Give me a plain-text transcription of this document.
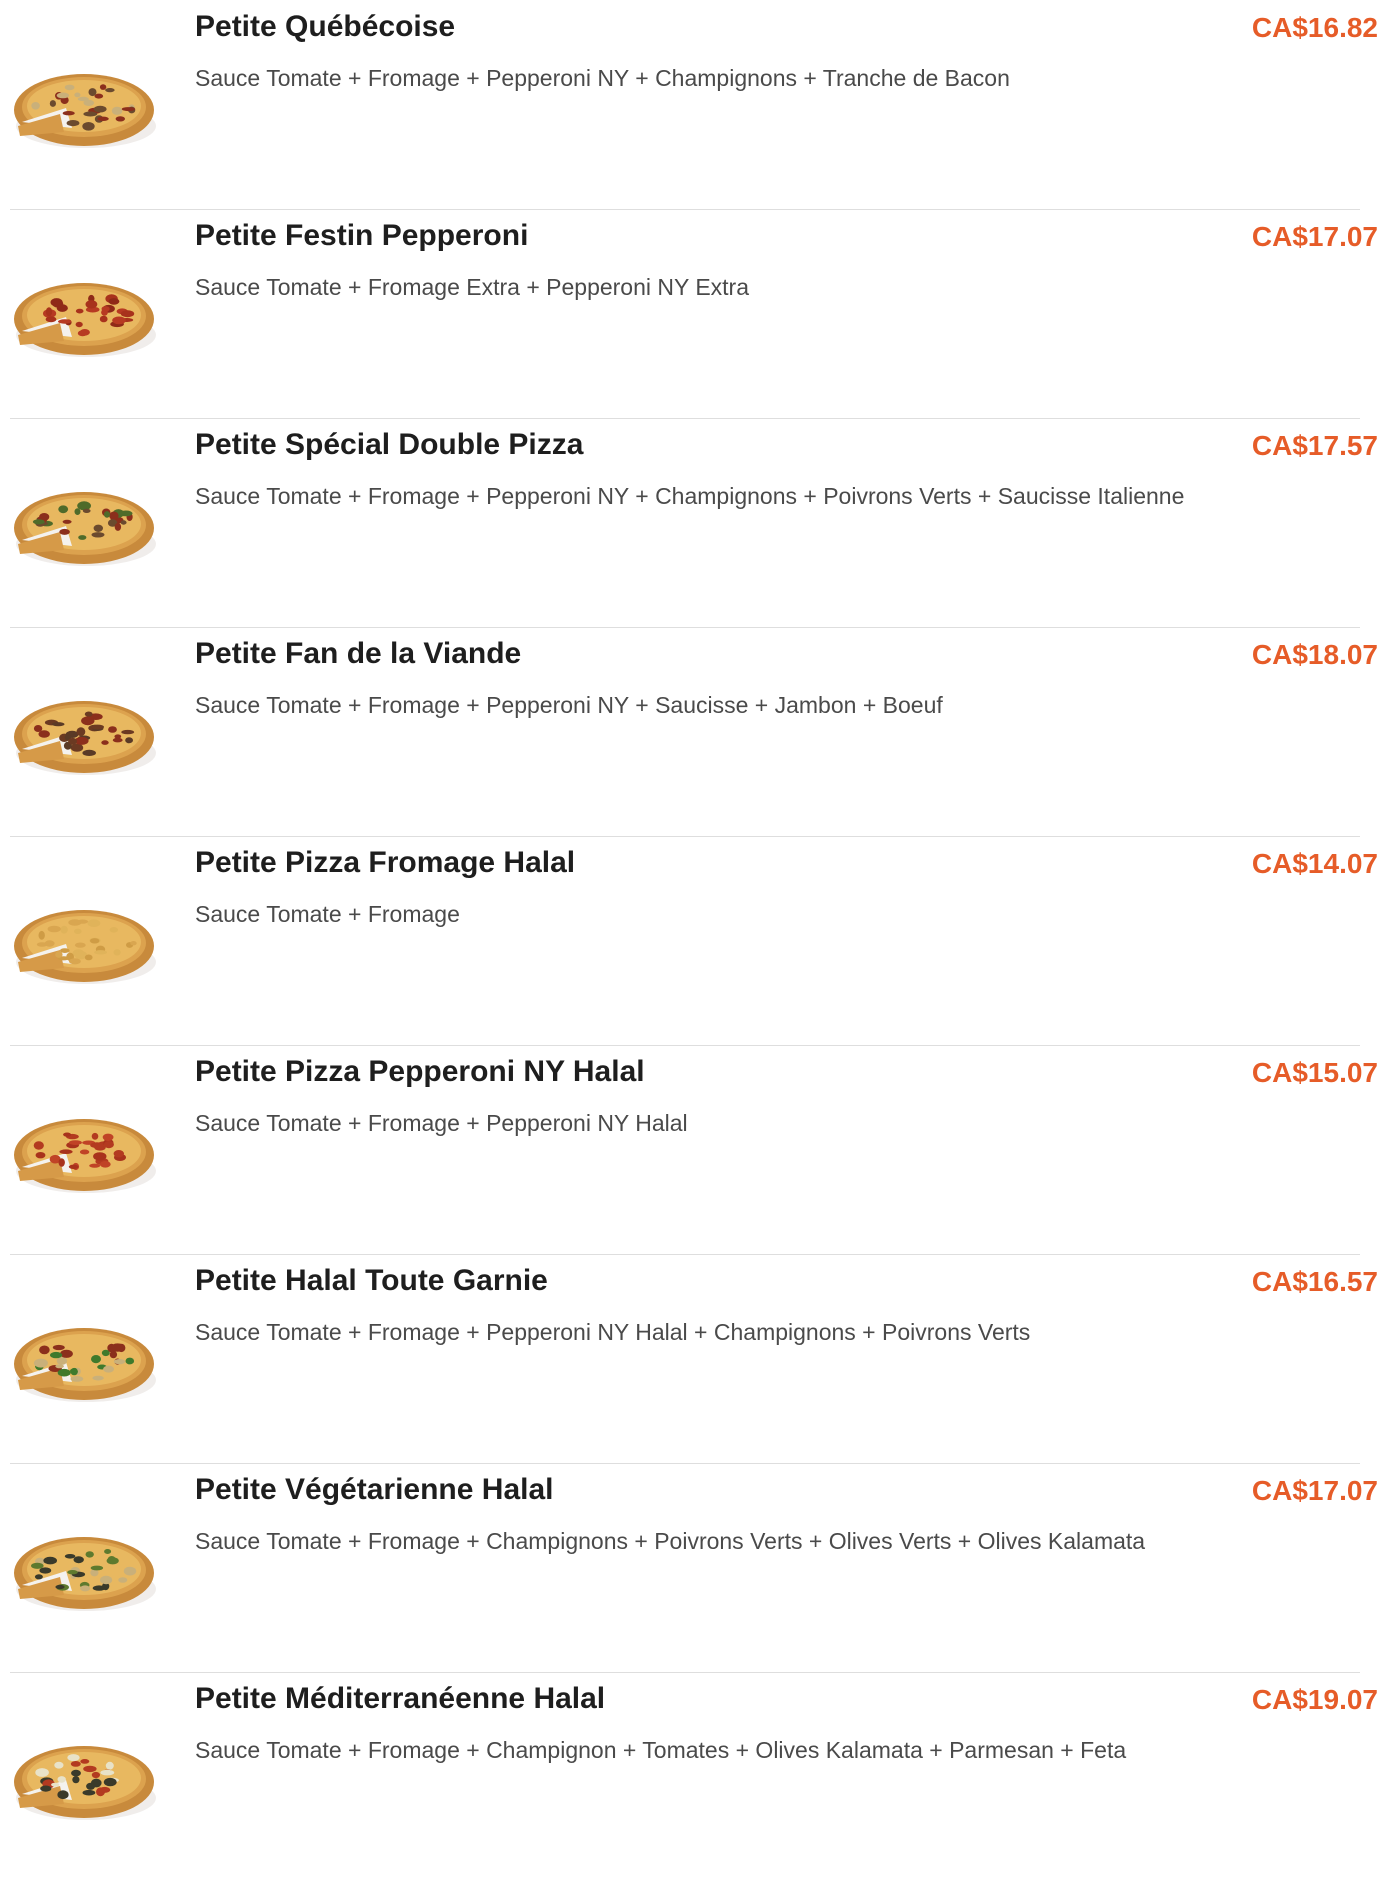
Petite Québécoise	CA$16.82
Sauce Tomate + Fromage + Pepperoni NY + Champignons + Tranche de Bacon
Petite Festin Pepperoni	CA$17.07
Sauce Tomate + Fromage Extra + Pepperoni NY Extra
Petite Spécial Double Pizza	CA$17.57
Sauce Tomate + Fromage + Pepperoni NY + Champignons + Poivrons Verts + Saucisse Italienne
Petite Fan de la Viande	CA$18.07
Sauce Tomate + Fromage + Pepperoni NY + Saucisse + Jambon + Boeuf
Petite Pizza Fromage Halal	CA$14.07
Sauce Tomate + Fromage
Petite Pizza Pepperoni NY Halal	CA$15.07
Sauce Tomate + Fromage + Pepperoni NY Halal
Petite Halal Toute Garnie	CA$16.57
Sauce Tomate + Fromage + Pepperoni NY Halal + Champignons + Poivrons Verts
Petite Végétarienne Halal	CA$17.07
Sauce Tomate + Fromage + Champignons + Poivrons Verts + Olives Verts + Olives Kalamata
Petite Méditerranéenne Halal	CA$19.07
Sauce Tomate + Fromage + Champignon + Tomates + Olives Kalamata + Parmesan + Feta
